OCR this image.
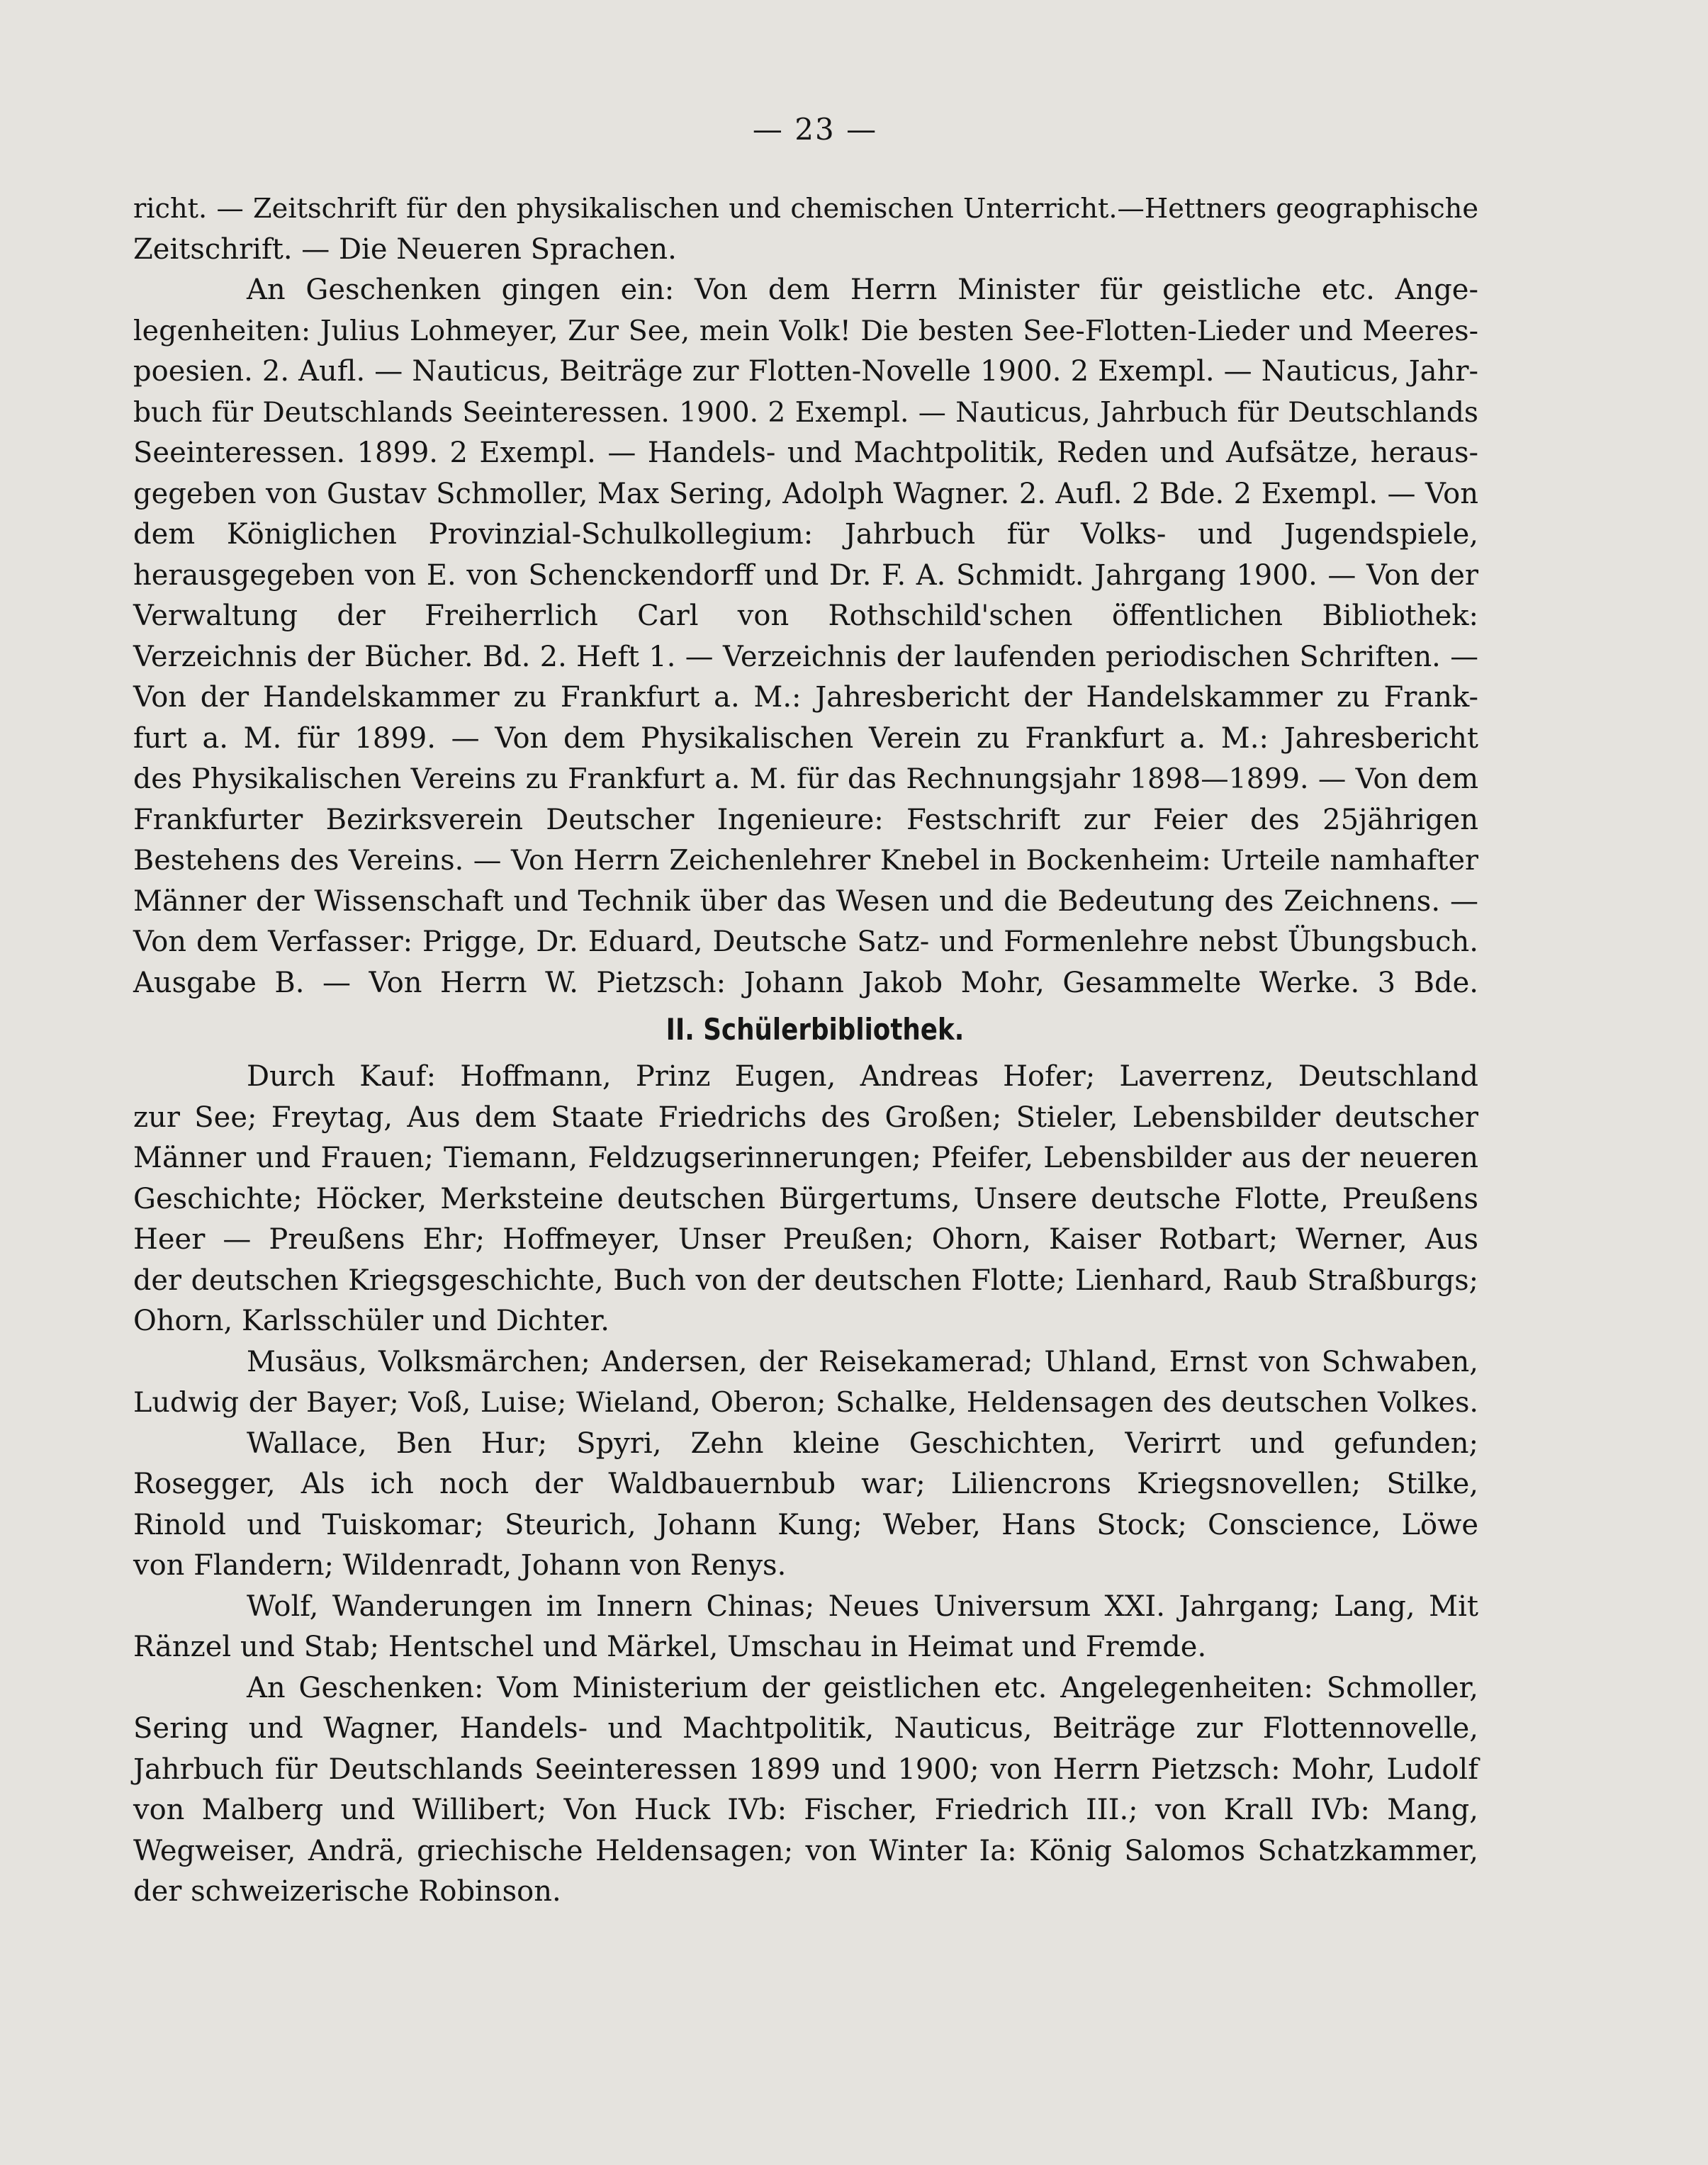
— 23 —
richt. — Zeitschrift für den physikalischen und chemischen Unterricht.—Hettners geographische
Zeitschrift. — Die Neueren Sprachen.
An Geschenken gingen ein: Von dem Herrn Minister für geistliche etc. Ange-
legenheiten: Julius Lohmeyer, Zur See, mein Volk! Die besten See-Flotten-Lieder und Meeres-
poesien. 2. Aufl. — Nauticus, Beiträge zur Flotten-Novelle 1900. 2 Exempl. — Nauticus, Jahr-
buch für Deutschlands Seeinteressen. 1900. 2 Exempl. — Nauticus, Jahrbuch für Deutschlands
Seeinteressen. 1899. 2 Exempl. — Handels- und Machtpolitik, Reden und Aufsätze, heraus-
gegeben von Gustav Schmoller, Max Sering, Adolph Wagner. 2. Aufl. 2 Bde. 2 Exempl. — Von
dem Königlichen Provinzial-Schulkollegium: Jahrbuch für Volks- und Jugendspiele,
herausgegeben von E. von Schenckendorff und Dr. F. A. Schmidt. Jahrgang 1900. — Von der
Verwaltung der Freiherrlich Carl von Rothschild'schen öffentlichen Bibliothek:
Verzeichnis der Bücher. Bd. 2. Heft 1. — Verzeichnis der laufenden periodischen Schriften. —
Von der Handelskammer zu Frankfurt a. M.: Jahresbericht der Handelskammer zu Frank-
furt a. M. für 1899. — Von dem Physikalischen Verein zu Frankfurt a. M.: Jahresbericht
des Physikalischen Vereins zu Frankfurt a. M. für das Rechnungsjahr 1898—1899. — Von dem
Frankfurter Bezirksverein Deutscher Ingenieure: Festschrift zur Feier des 25jährigen
Bestehens des Vereins. — Von Herrn Zeichenlehrer Knebel in Bockenheim: Urteile namhafter
Männer der Wissenschaft und Technik über das Wesen und die Bedeutung des Zeichnens. —
Von dem Verfasser: Prigge, Dr. Eduard, Deutsche Satz- und Formenlehre nebst Übungsbuch.
Ausgabe B. — Von Herrn W. Pietzsch: Johann Jakob Mohr, Gesammelte Werke. 3 Bde.
II. Schülerbibliothek.
Durch Kauf: Hoffmann, Prinz Eugen, Andreas Hofer; Laverrenz, Deutschland
zur See; Freytag, Aus dem Staate Friedrichs des Großen; Stieler, Lebensbilder deutscher
Männer und Frauen; Tiemann, Feldzugserinnerungen; Pfeifer, Lebensbilder aus der neueren
Geschichte; Höcker, Merksteine deutschen Bürgertums, Unsere deutsche Flotte, Preußens
Heer — Preußens Ehr; Hoffmeyer, Unser Preußen; Ohorn, Kaiser Rotbart; Werner, Aus
der deutschen Kriegsgeschichte, Buch von der deutschen Flotte; Lienhard, Raub Straßburgs;
Ohorn, Karlsschüler und Dichter.
Musäus, Volksmärchen; Andersen, der Reisekamerad; Uhland, Ernst von Schwaben,
Ludwig der Bayer; Voß, Luise; Wieland, Oberon; Schalke, Heldensagen des deutschen Volkes.
Wallace, Ben Hur; Spyri, Zehn kleine Geschichten, Verirrt und gefunden;
Rosegger, Als ich noch der Waldbauernbub war; Liliencrons Kriegsnovellen; Stilke,
Rinold und Tuiskomar; Steurich, Johann Kung; Weber, Hans Stock; Conscience, Löwe
von Flandern; Wildenradt, Johann von Renys.
Wolf, Wanderungen im Innern Chinas; Neues Universum XXI. Jahrgang; Lang, Mit
Ränzel und Stab; Hentschel und Märkel, Umschau in Heimat und Fremde.
An Geschenken: Vom Ministerium der geistlichen etc. Angelegenheiten: Schmoller,
Sering und Wagner, Handels- und Machtpolitik, Nauticus, Beiträge zur Flottennovelle,
Jahrbuch für Deutschlands Seeinteressen 1899 und 1900; von Herrn Pietzsch: Mohr, Ludolf
von Malberg und Willibert; Von Huck IVb: Fischer, Friedrich III.; von Krall IVb: Mang,
Wegweiser, Andrä, griechische Heldensagen; von Winter Ia: König Salomos Schatzkammer,
der schweizerische Robinson.
